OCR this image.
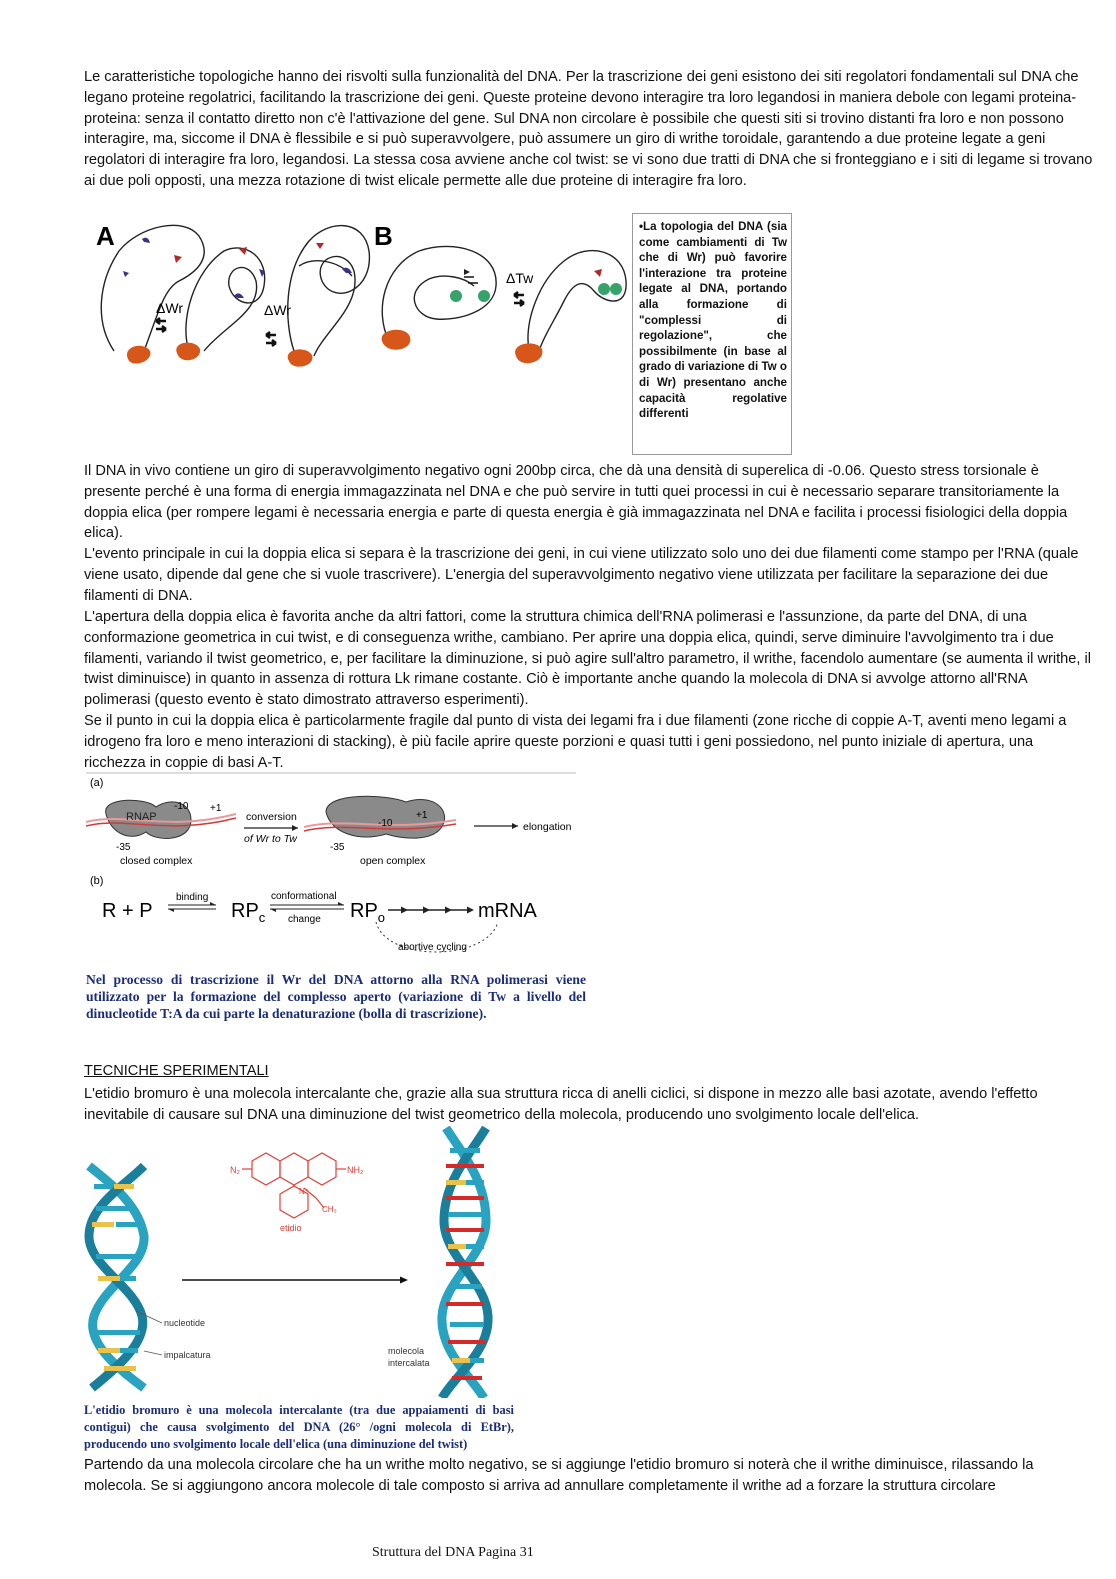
Le caratteristiche topologiche hanno dei risvolti sulla funzionalità del DNA. Per la trascrizione dei geni esistono dei siti regolatori fondamentali sul DNA che legano proteine regolatrici, facilitando la trascrizione dei geni. Queste proteine devono interagire tra loro legandosi in maniera debole con legami proteina-proteina: senza il contatto diretto non c'è l'attivazione del gene. Sul DNA non circolare è possibile che questi siti si trovino distanti fra loro e non possono interagire, ma, siccome il DNA è flessibile e si può superavvolgere, può assumere un giro di writhe toroidale, garantendo a due proteine legate a geni regolatori di interagire fra loro, legandosi. La stessa cosa avviene anche col twist: se vi sono due tratti di DNA che si fronteggiano e i siti di legame si trovano ai due poli opposti, una mezza rotazione di twist elicale permette alle due proteine di interagire fra loro.

A	B
ΔWr	ΔWr
ΔTw
•La topologia del DNA (sia come cambiamenti di Tw che di Wr) può favorire l'interazione tra proteine legate al DNA, portando alla formazione di "complessi di regolazione", che possibilmente (in base al grado di variazione di Tw o di Wr) presentano anche capacità regolative differenti

Il DNA in vivo contiene un giro di superavvolgimento negativo ogni 200bp circa, che dà una densità di superelica di -0.06. Questo stress torsionale è presente perché è una forma di energia immagazzinata nel DNA e che può servire in tutti quei processi in cui è necessario separare transitoriamente la doppia elica (per rompere legami è necessaria energia e parte di questa energia è già immagazzinata nel DNA e facilita i processi fisiologici della doppia elica).

L'evento principale in cui la doppia elica si separa è la trascrizione dei geni, in cui viene utilizzato solo uno dei due filamenti come stampo per l'RNA (quale viene usato, dipende dal gene che si vuole trascrivere). L'energia del superavvolgimento negativo viene utilizzata per facilitare la separazione dei due filamenti di DNA.

L'apertura della doppia elica è favorita anche da altri fattori, come la struttura chimica dell'RNA polimerasi e l'assunzione, da parte del DNA, di una conformazione geometrica in cui twist, e di conseguenza writhe, cambiano. Per aprire una doppia elica, quindi, serve diminuire l'avvolgimento tra i due filamenti, variando il twist geometrico, e, per facilitare la diminuzione, si può agire sull'altro parametro, il writhe, facendolo aumentare (se aumenta il writhe, il twist diminuisce) in quanto in assenza di rottura Lk rimane costante. Ciò è importante anche quando la molecola di DNA si avvolge attorno all'RNA polimerasi (questo evento è stato dimostrato attraverso esperimenti).

Se il punto in cui la doppia elica è particolarmente fragile dal punto di vista dei legami fra i due filamenti (zone ricche di coppie A-T, aventi meno legami a idrogeno fra loro e meno interazioni di stacking), è più facile aprire queste porzioni e quasi tutti i geni possiedono, nel punto iniziale di apertura, una ricchezza in coppie di basi A-T.

(a)
RNAP
-10 +1
-35
conversion
of Wr to Tw
-10
+1
-35
elongation
closed complex	open complex
(b)
R + P
binding
$RP_c$
conformational
change $RP_o$	mRNA
abortive cycling
Nel processo di trascrizione il Wr del DNA attorno alla RNA polimerasi viene utilizzato per la formazione del complesso aperto (variazione di Tw a livello del dinucleotide T:A da cui parte la denaturazione (bolla di trascrizione).
TECNICHE SPERIMENTALI

L'etidio bromuro è una molecola intercalante che, grazie alla sua struttura ricca di anelli ciclici, si dispone in mezzo alle basi azotate, avendo l'effetto inevitabile di causare sul DNA una diminuzione del twist geometrico della molecola, producendo uno svolgimento locale dell'elica.

nucleotide
impalcatura
N₂	NH₂
N⁺
CH₃
etidio
molecola
intercalata
L'etidio bromuro è una molecola intercalante (tra due appaiamenti di basi contigui) che causa svolgimento del DNA (26° /ogni molecola di EtBr), producendo uno svolgimento locale dell'elica (una diminuzione del twist)

Partendo da una molecola circolare che ha un writhe molto negativo, se si aggiunge l'etidio bromuro si noterà che il writhe diminuisce, rilassando la molecola. Se si aggiungono ancora molecole di tale composto si arriva ad annullare completamente il writhe ad a forzare la struttura circolare

Struttura del DNA Pagina 31
